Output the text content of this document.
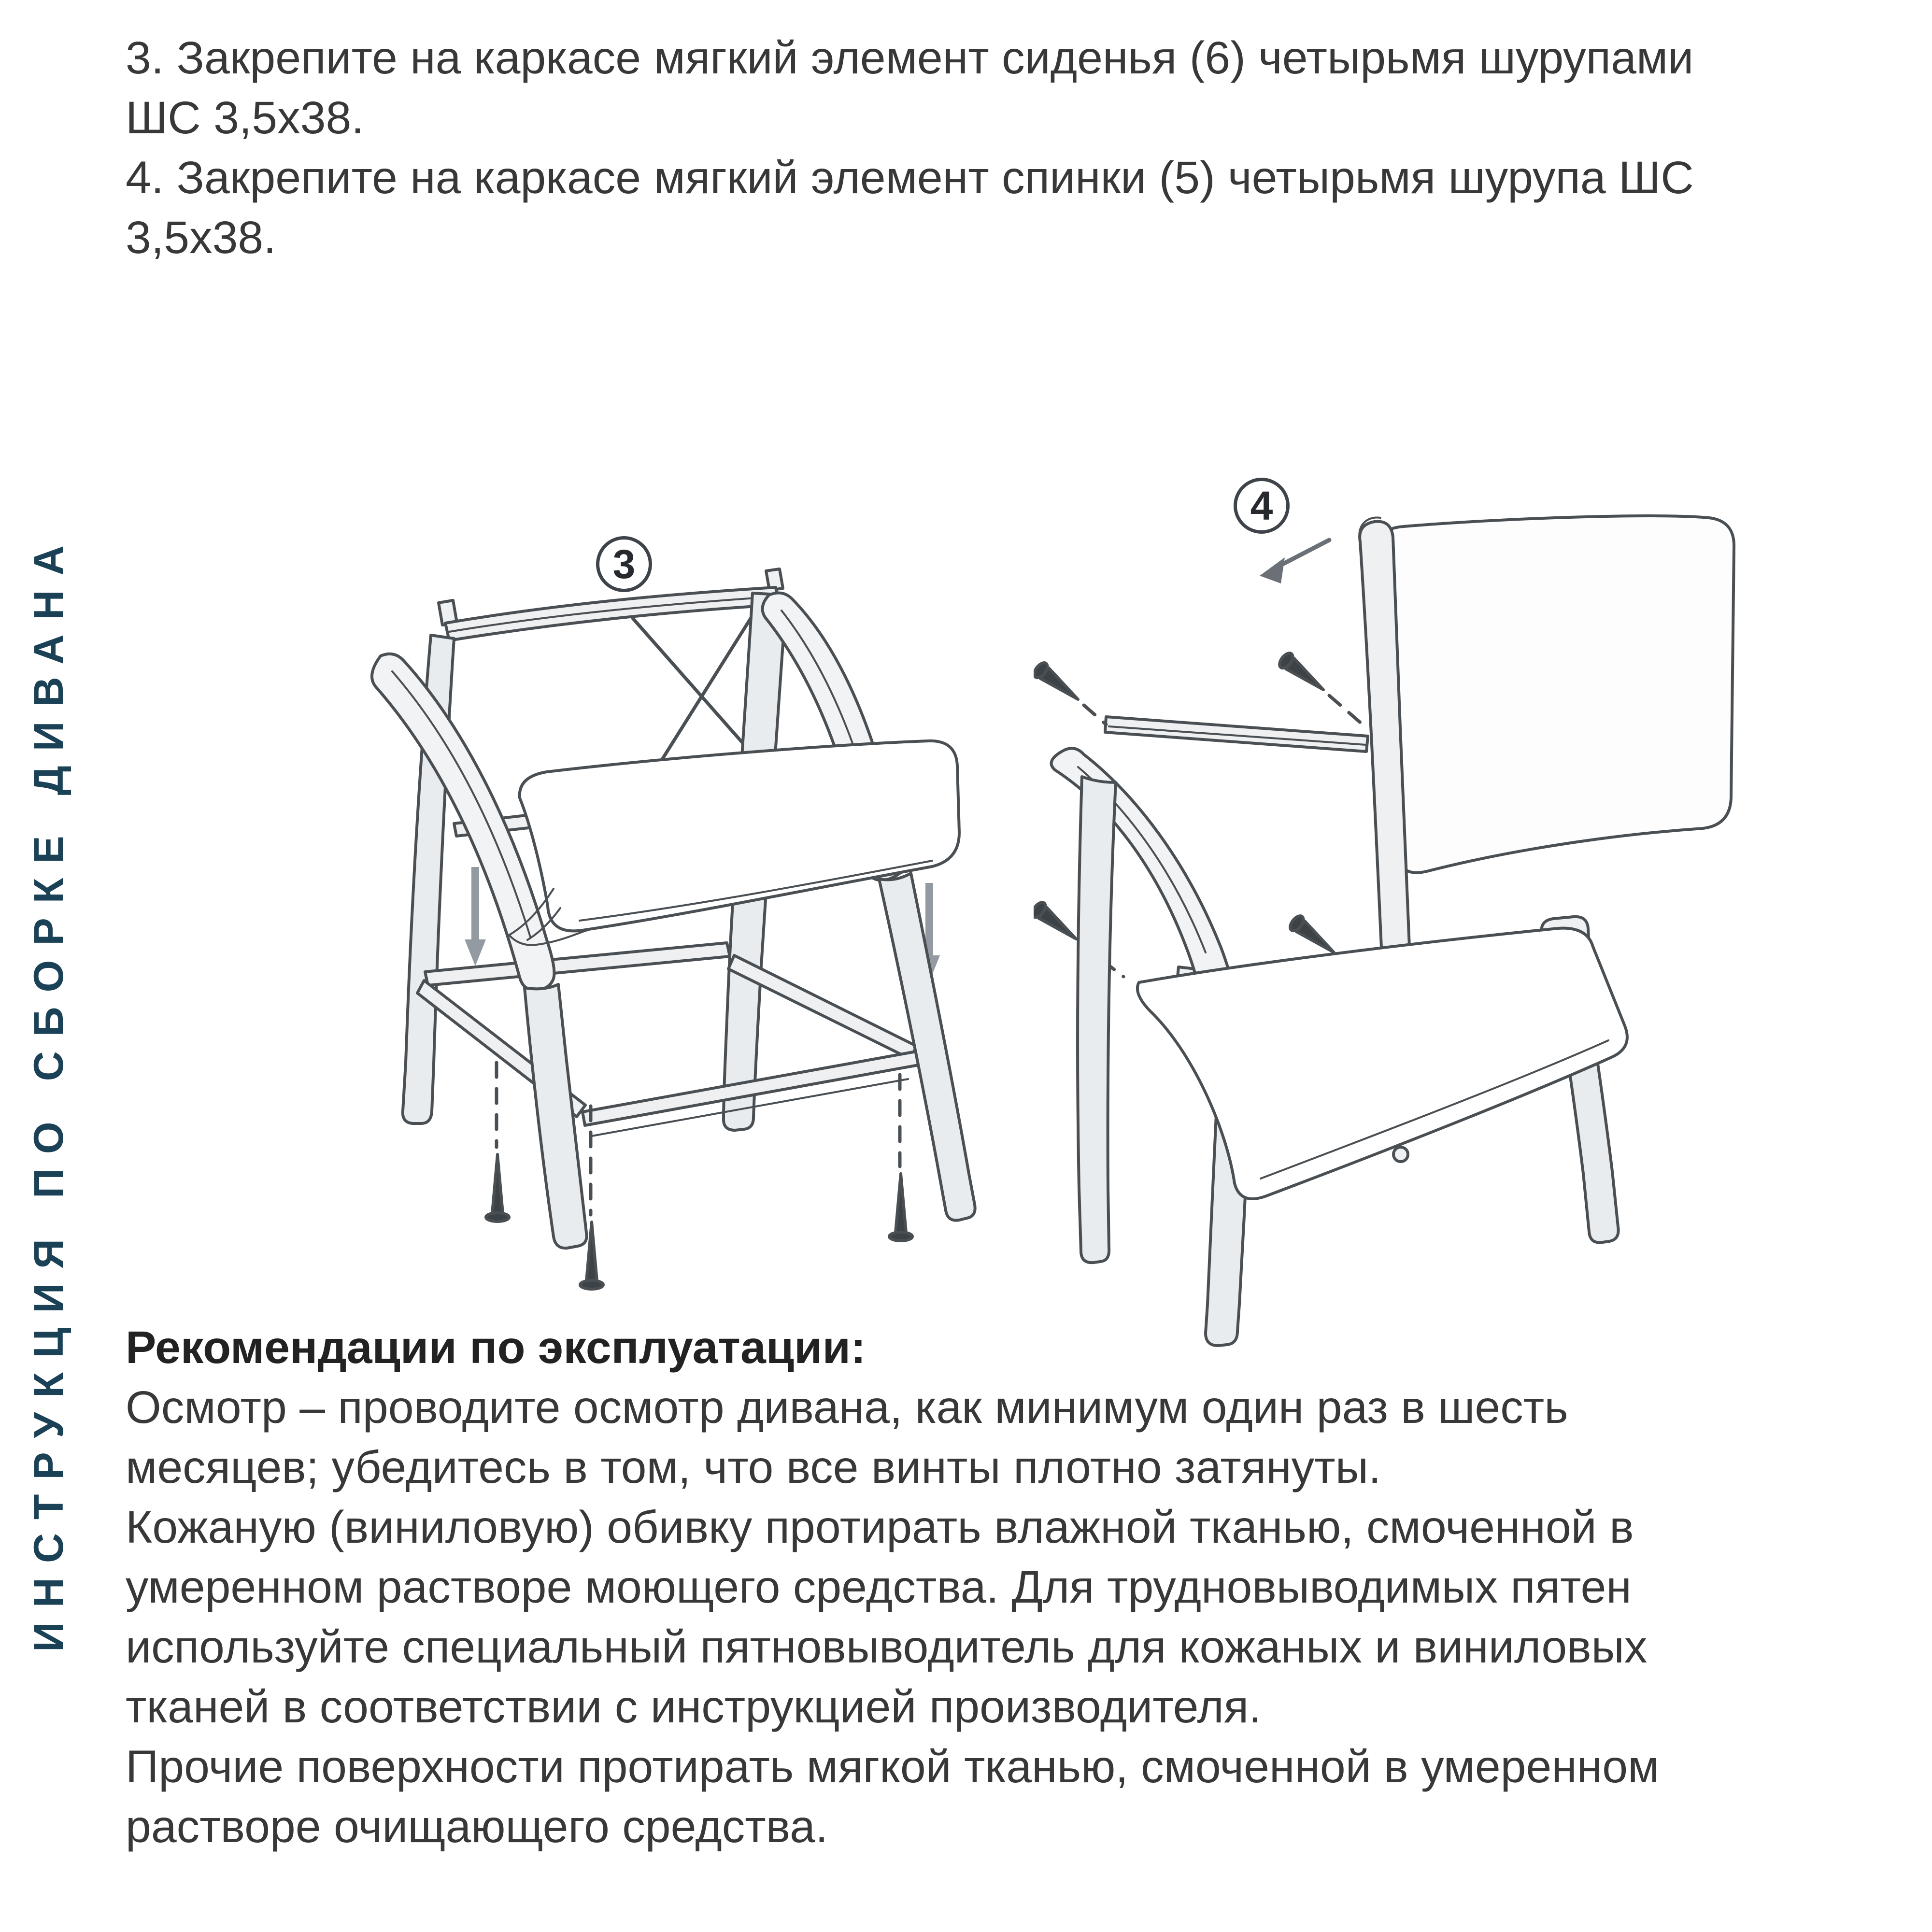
3. Закрепите на каркасе мягкий элемент сиденья (6) четырьмя шурупами
ШС 3,5х38.
4. Закрепите на каркасе мягкий элемент спинки (5) четырьмя шурупа ШС
3,5х38.
ИНСТРУКЦИЯ ПО СБОРКЕ ДИВАНА	3
4
Рекомендации по эксплуатации:
Осмотр – проводите осмотр дивана, как минимум один раз в шесть
месяцев; убедитесь в том, что все винты плотно затянуты.
Кожаную (виниловую) обивку протирать влажной тканью, смоченной в
умеренном растворе моющего средства. Для трудновыводимых пятен
используйте специальный пятновыводитель для кожаных и виниловых
тканей в соответствии с инструкцией производителя.
Прочие поверхности протирать мягкой тканью, смоченной в умеренном
растворе очищающего средства.
